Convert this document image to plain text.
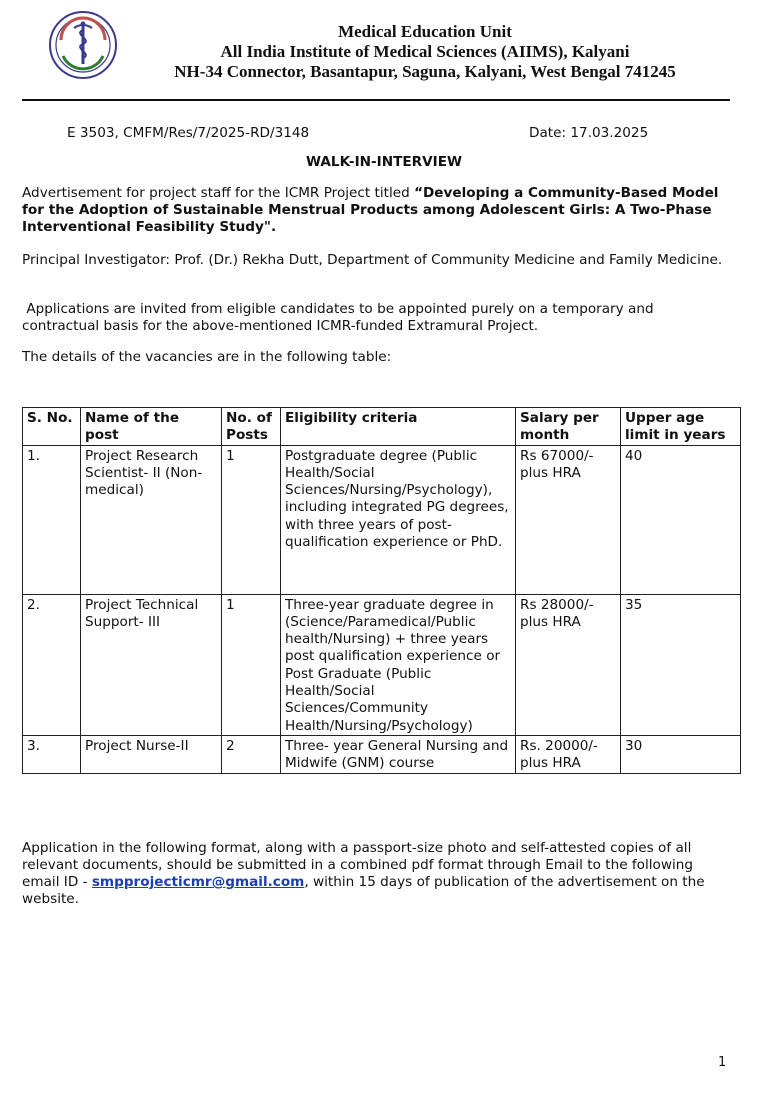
Medical Education Unit
All India Institute of Medical Sciences (AIIMS), Kalyani
NH-34 Connector, Basantapur, Saguna, Kalyani, West Bengal 741245
E 3503, CMFM/Res/7/2025-RD/3148	Date: 17.03.2025
WALK-IN-INTERVIEW
Advertisement for project staff for the ICMR Project titled “Developing a Community-Based Model for the Adoption of Sustainable Menstrual Products among Adolescent Girls: A Two-Phase Interventional Feasibility Study".
Principal Investigator: Prof. (Dr.) Rekha Dutt, Department of Community Medicine and Family Medicine.
Applications are invited from eligible candidates to be appointed purely on a temporary and contractual basis for the above-mentioned ICMR-funded Extramural Project.
The details of the vacancies are in the following table:
S. No.	Name of the post	No. of Posts	Eligibility criteria	Salary per month	Upper age limit in years
1.	Project Research Scientist- II (Non-medical)	1	Postgraduate degree (Public Health/Social Sciences/Nursing/Psychology), including integrated PG degrees, with three years of post-qualification experience or PhD.	Rs 67000/- plus HRA	40
2.	Project Technical Support- III	1	Three-year graduate degree in (Science/Paramedical/Public health/Nursing) + three years post qualification experience or Post Graduate (Public Health/Social Sciences/Community Health/Nursing/Psychology)	Rs 28000/- plus HRA	35
3.	Project Nurse-II	2	Three- year General Nursing and Midwife (GNM) course	Rs. 20000/- plus HRA	30
Application in the following format, along with a passport-size photo and self-attested copies of all relevant documents, should be submitted in a combined pdf format through Email to the following email ID - smpprojecticmr@gmail.com, within 15 days of publication of the advertisement on the website.
1
